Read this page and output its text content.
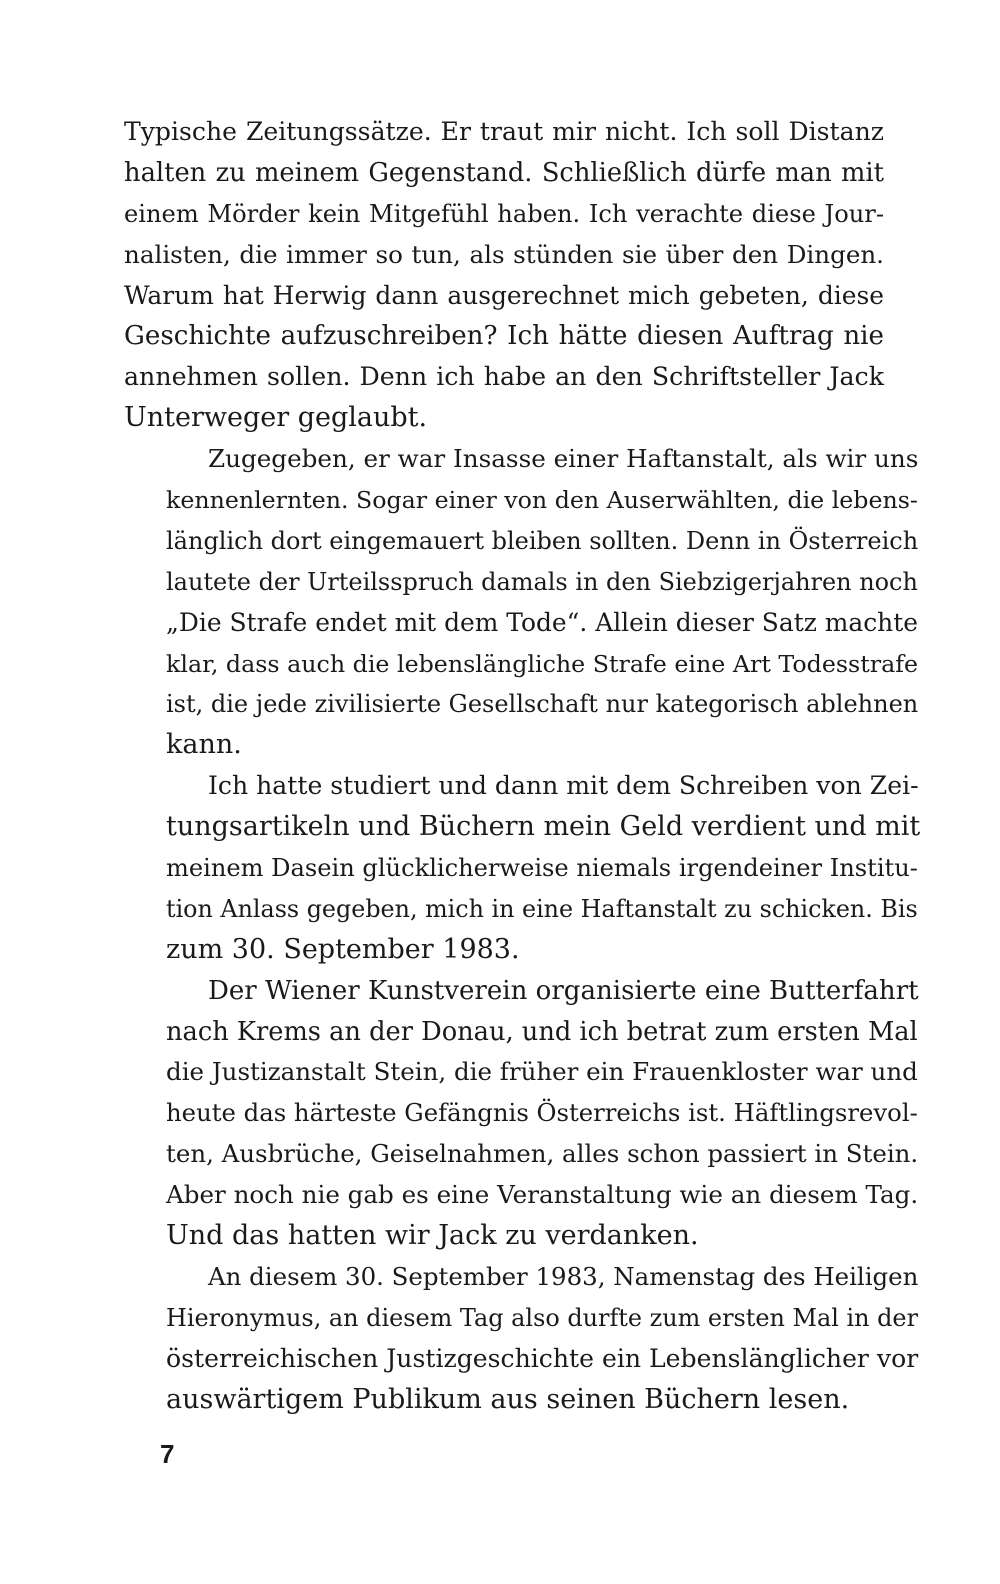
Typische Zeitungssätze. Er traut mir nicht. Ich soll Distanz
halten zu meinem Gegenstand. Schließlich dürfe man mit
einem Mörder kein Mitgefühl haben. Ich verachte diese Jour-
nalisten, die immer so tun, als stünden sie über den Dingen.
Warum hat Herwig dann ausgerechnet mich gebeten, diese
Geschichte aufzuschreiben? Ich hätte diesen Auftrag nie
annehmen sollen. Denn ich habe an den Schriftsteller Jack
Unterweger geglaubt.
Zugegeben, er war Insasse einer Haftanstalt, als wir uns
kennenlernten. Sogar einer von den Auserwählten, die lebens-
länglich dort eingemauert bleiben sollten. Denn in Österreich
lautete der Urteilsspruch damals in den Siebzigerjahren noch
„Die Strafe endet mit dem Tode“. Allein dieser Satz machte
klar, dass auch die lebenslängliche Strafe eine Art Todesstrafe
ist, die jede zivilisierte Gesellschaft nur kategorisch ablehnen
kann.
Ich hatte studiert und dann mit dem Schreiben von Zei-
tungsartikeln und Büchern mein Geld verdient und mit
meinem Dasein glücklicherweise niemals irgendeiner Institu-
tion Anlass gegeben, mich in eine Haftanstalt zu schicken. Bis
zum 30. September 1983.
Der Wiener Kunstverein organisierte eine Butterfahrt
nach Krems an der Donau, und ich betrat zum ersten Mal
die Justizanstalt Stein, die früher ein Frauenkloster war und
heute das härteste Gefängnis Österreichs ist. Häftlingsrevol-
ten, Ausbrüche, Geiselnahmen, alles schon passiert in Stein.
Aber noch nie gab es eine Veranstaltung wie an diesem Tag.
Und das hatten wir Jack zu verdanken.
An diesem 30. September 1983, Namenstag des Heiligen
Hieronymus, an diesem Tag also durfte zum ersten Mal in der
österreichischen Justizgeschichte ein Lebenslänglicher vor
auswärtigem Publikum aus seinen Büchern lesen.
7
